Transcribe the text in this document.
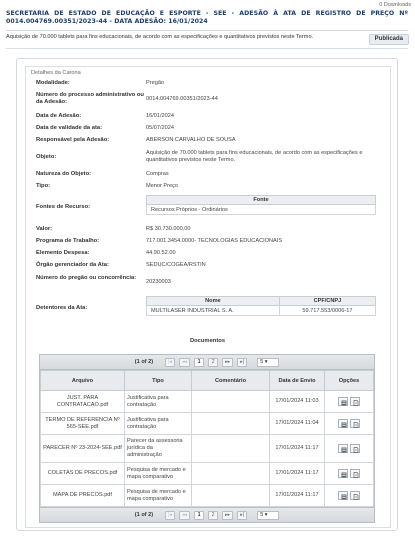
0 Downloads
SECRETARIA DE ESTADO DE EDUCAÇÃO E ESPORTE - SEE - ADESÃO À ATA DE REGISTRO DE PREÇO Nº 0014.004769.00351/2023-44 - DATA ADESÃO: 16/01/2024
Aquisição de 70.000 tablets para fins educacionais, de acordo com as especificações e quantitativos previstos neste Termo.	Publicada
Detalhes da Carona
Modalidade:	Pregão
Número do processo administrativo ou da Adesão:	0014.004769.00351/2023-44
Data de Adesão:	16/01/2024
Data de validade da ata:	05/07/2024
Responsável pela Adesão:	ABERSON CARVALHO DE SOUSA
Objeto:
Aquisição de 70.000 tablets para fins educacionais, de acordo com as especificações e quantitativos previstos neste Termo.
Natureza do Objeto:	Compras
Tipo:	Menor Preço
Fontes de Recurso:
Fonte
Recursos Próprios - Ordinários
Valor:	R$ 30.730.000,00
Programa de Trabalho:	717.001.3454.0000- TECNOLOGIAS EDUCACIONAIS
Elemento Despesa:	44.90.52.00
Órgão gerenciador da Ata:	SEDUC/COGEA/RSTIN
Número do pregão ou concorrência:
20230003
Detentores da Ata:
Nome	CPF/CNPJ
MULTILASER INDUSTRIAL S. A.	59.717.553/0006-17
Documentos
(1 of 2)	|◂	◂◂	1	2	▸▸	▸|	5 ▾
Arquivo	Tipo	Comentário	Data de Envio	Opções
JUST. PARA CONTRATACAO.pdf	Justificativa para contratação		17/01/2024 11:03	

TERMO DE REFERENCIA Nº 565-SEE.pdf	Justificativa para contratação		17/01/2024 11:04	

PARECER Nº 23-2024-SEE.pdf	Parecer da assessoria jurídica da administração		17/01/2024 11:17	

COLETAS DE PRECOS.pdf	Pesquisa de mercado e mapa comparativo		17/01/2024 11:17	

MAPA DE PRECOS.pdf	Pesquisa de mercado e mapa comparativo		17/01/2024 11:17	
(1 of 2)	|◂	◂◂	1	2	▸▸	▸|	5 ▾
